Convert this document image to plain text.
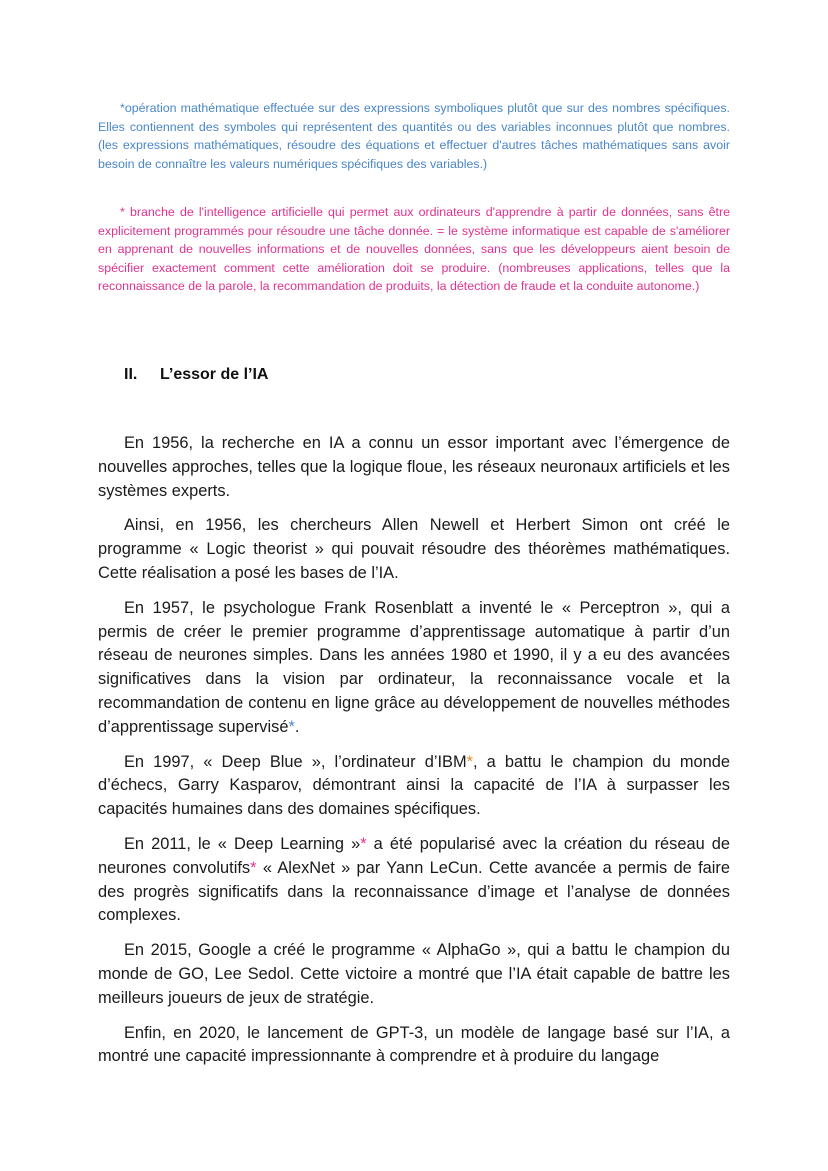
*opération mathématique effectuée sur des expressions symboliques plutôt que sur des nombres spécifiques. Elles contiennent des symboles qui représentent des quantités ou des variables inconnues plutôt que nombres. (les expressions mathématiques, résoudre des équations et effectuer d'autres tâches mathématiques sans avoir besoin de connaître les valeurs numériques spécifiques des variables.)

* branche de l'intelligence artificielle qui permet aux ordinateurs d'apprendre à partir de données, sans être explicitement programmés pour résoudre une tâche donnée. = le système informatique est capable de s'améliorer en apprenant de nouvelles informations et de nouvelles données, sans que les développeurs aient besoin de spécifier exactement comment cette amélioration doit se produire. (nombreuses applications, telles que la reconnaissance de la parole, la recommandation de produits, la détection de fraude et la conduite autonome.)

II. L’essor de l’IA

En 1956, la recherche en IA a connu un essor important avec l’émergence de nouvelles approches, telles que la logique floue, les réseaux neuronaux artificiels et les systèmes experts.

Ainsi, en 1956, les chercheurs Allen Newell et Herbert Simon ont créé le programme « Logic theorist » qui pouvait résoudre des théorèmes mathématiques. Cette réalisation a posé les bases de l’IA.

En 1957, le psychologue Frank Rosenblatt a inventé le « Perceptron », qui a permis de créer le premier programme d’apprentissage automatique à partir d’un réseau de neurones simples. Dans les années 1980 et 1990, il y a eu des avancées significatives dans la vision par ordinateur, la reconnaissance vocale et la recommandation de contenu en ligne grâce au développement de nouvelles méthodes d’apprentissage supervisé*.

En 1997, « Deep Blue », l’ordinateur d’IBM*, a battu le champion du monde d’échecs, Garry Kasparov, démontrant ainsi la capacité de l’IA à surpasser les capacités humaines dans des domaines spécifiques.

En 2011, le « Deep Learning »* a été popularisé avec la création du réseau de neurones convolutifs* « AlexNet » par Yann LeCun. Cette avancée a permis de faire des progrès significatifs dans la reconnaissance d’image et l’analyse de données complexes.

En 2015, Google a créé le programme « AlphaGo », qui a battu le champion du monde de GO, Lee Sedol. Cette victoire a montré que l’IA était capable de battre les meilleurs joueurs de jeux de stratégie.

Enfin, en 2020, le lancement de GPT-3, un modèle de langage basé sur l’IA, a montré une capacité impressionnante à comprendre et à produire du langage
